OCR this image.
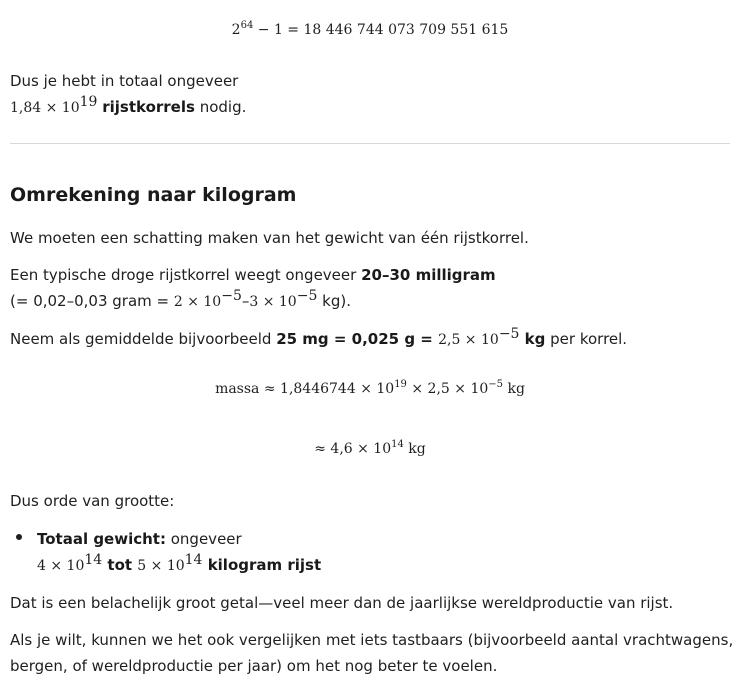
$2^{64} - 1 = 18$ 446 744 073 709 551 615
Dus je hebt in totaal ongeveer
$1,84 \times 10^{19}$ rijstkorrels nodig.
Omrekening naar kilogram
We moeten een schatting maken van het gewicht van één rijstkorrel.
Een typische droge rijstkorrel weegt ongeveer 20–30 milligram
(= 0,02–0,03 gram = $2 \times 10^{-5}-3 \times 10^{-5}$ kg).
Neem als gemiddelde bijvoorbeeld 25 mg = 0,025 $g = 2,5 \times 10^{-5}$ kg per korrel.
massa ≈ $1,8446744 \times 10^{19} \times 2,5 \times 10^{-5}$ kg
≈ $4,6 \times 10^{14}$ kg
Dus orde van grootte:
Totaal gewicht: ongeveer
$4 \times 10^{14}$ tot $5 \times 10^{14}$ kilogram rijst
Dat is een belachelijk groot getal—veel meer dan de jaarlijkse wereldproductie van rijst.
Als je wilt, kunnen we het ook vergelijken met iets tastbaars (bijvoorbeeld aantal vrachtwagens,
bergen, of wereldproductie per jaar) om het nog beter te voelen.
